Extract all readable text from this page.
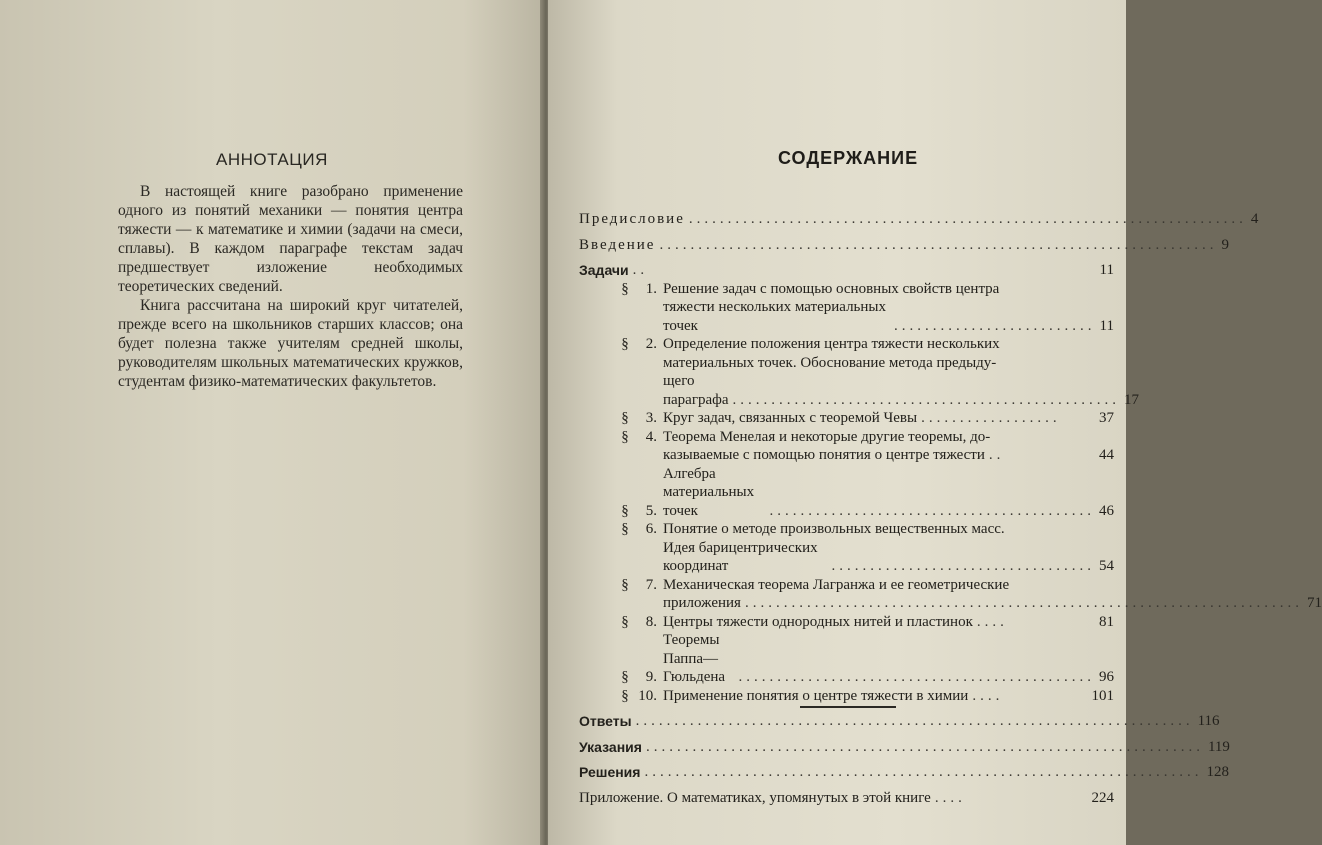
АННОТАЦИЯ

В настоящей книге разобрано применение одного из понятий механики — понятия центра тяжести — к математике и химии (задачи на смеси, сплавы). В каждом параграфе текстам задач предшествует изложение необходимых теоретических сведений.

Книга рассчитана на широкий круг читателей, прежде всего на школьников старших классов; она будет полезна также учителям средней школы, руководителям школьных математических кружков, студентам физико-математических факультетов.

СОДЕРЖАНИЕ
Предисловие ........................................................................ 4
Введение ........................................................................ 9
Задачи ..	11
§	1. Решение задач с помощью основных свойств центра
тяжести нескольких материальных точек	.......................... 11
§	2. Определение положения центра тяжести нескольких
материальных точек. Обоснование метода предыду-
щего параграфа .................................................. 17
§	3. Круг задач, связанных с теоремой Чевы ..................	37
§	4. Теорема Менелая и некоторые другие теоремы, до-
казываемые с помощью понятия о центре тяжести ..	44
§	5.
Алгебра материальных точек	.......................................... 46
§	6. Понятие о методе произвольных вещественных масс.
Идея барицентрических координат	.................................. 54
§	7. Механическая теорема Лагранжа и ее геометрические
приложения ........................................................................ 71
§	8. Центры тяжести однородных нитей и пластинок ....	81
§	9.
Теоремы Паппа—Гюльдена .............................................. 96
§ 10. Применение понятия о центре тяжести в химии ....	101
Ответы ........................................................................ 116
Указания ........................................................................ 119
Решения ........................................................................ 128
Приложение. О математиках, упомянутых в этой книге ....	224
